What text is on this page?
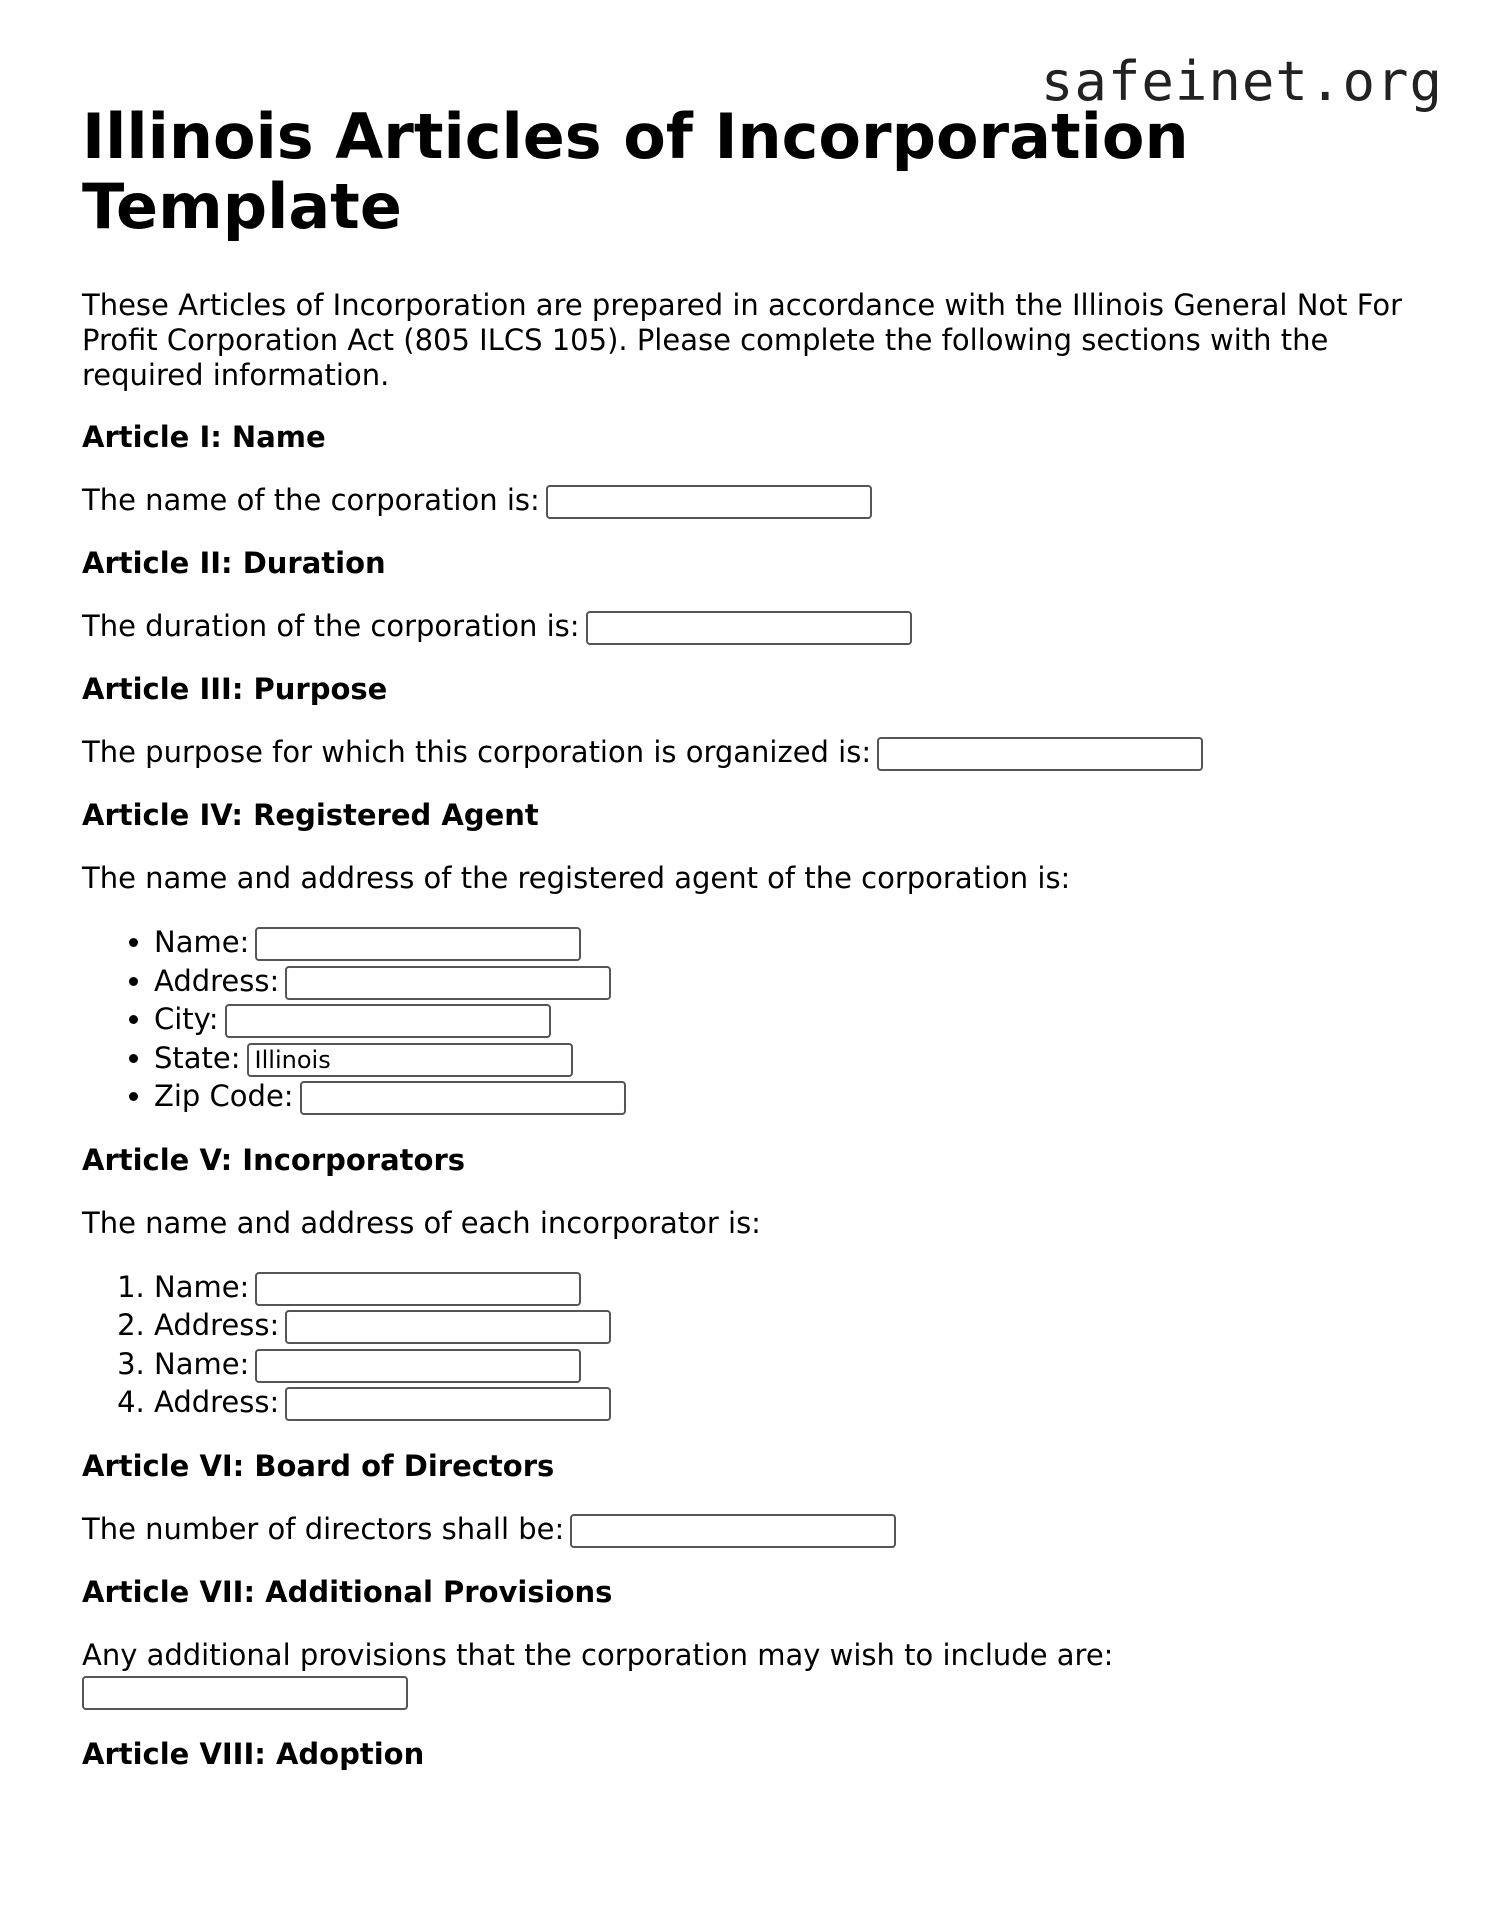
safeinet.org
Illinois Articles of Incorporation Template

These Articles of Incorporation are prepared in accordance with the Illinois General Not For Profit Corporation Act (805 ILCS 105). Please complete the following sections with the required information.

Article I: Name
The name of the corporation is:
Article II: Duration
The duration of the corporation is:
Article III: Purpose
The purpose for which this corporation is organized is:
Article IV: Registered Agent
The name and address of the registered agent of the corporation is:
• Name:
• Address:
• City:
• State:Illinois
• Zip Code:
Article V: Incorporators
The name and address of each incorporator is:
1. Name:
2. Address:
3. Name:
4. Address:
Article VI: Board of Directors
The number of directors shall be:
Article VII: Additional Provisions
Any additional provisions that the corporation may wish to include are:
Article VIII: Adoption
